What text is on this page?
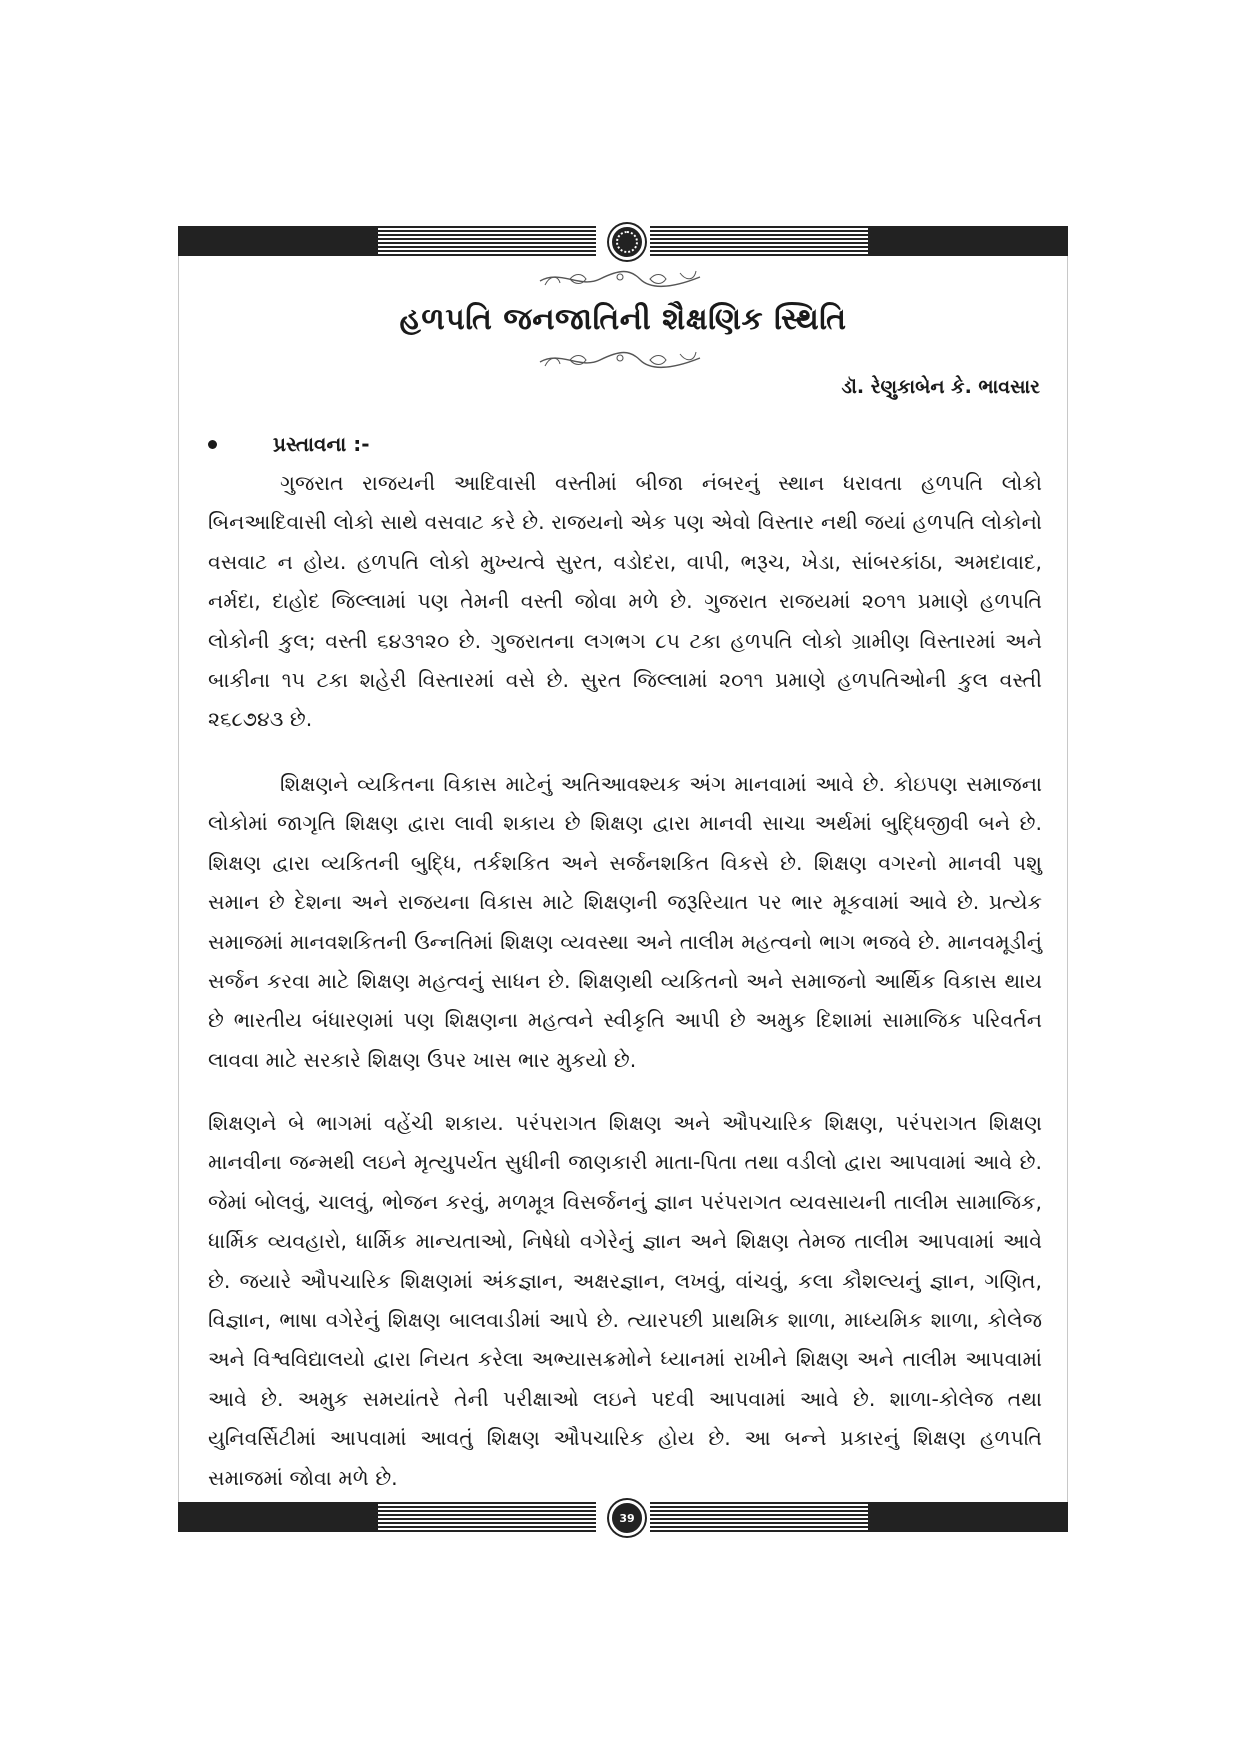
હળપતિ જનજાતિની શૈક્ષણિક સ્થિતિ
ડૉ. રેણુકાબેન કે. ભાવસાર
પ્રસ્તાવના :-

ગુજરાત રાજયની આદિવાસી વસ્તીમાં બીજા નંબરનું સ્થાન ધરાવતા હળપતિ લોકો બિનઆદિવાસી લોકો સાથે વસવાટ કરે છે. રાજયનો એક પણ એવો વિસ્તાર નથી જયાં હળપતિ લોકોનો વસવાટ ન હોય. હળપતિ લોકો મુખ્યત્વે સુરત, વડોદરા, વાપી, ભરૂચ, ખેડા, સાંબરકાંઠા, અમદાવાદ, નર્મદા, દાહોદ જિલ્લામાં પણ તેમની વસ્તી જોવા મળે છે. ગુજરાત રાજયમાં ૨૦૧૧ પ્રમાણે હળપતિ લોકોની કુલ; વસ્તી ૬૪૩૧૨૦ છે. ગુજરાતના લગભગ ૮૫ ટકા હળપતિ લોકો ગ્રામીણ વિસ્તારમાં અને બાકીના ૧૫ ટકા શહેરી વિસ્તારમાં વસે છે. સુરત જિલ્લામાં ૨૦૧૧ પ્રમાણે હળપતિઓની કુલ વસ્તી ૨૬૮૭૪૩ છે.

શિક્ષણને વ્યકિતના વિકાસ માટેનું અતિઆવશ્યક અંગ માનવામાં આવે છે. કોઇપણ સમાજના લોકોમાં જાગૃતિ શિક્ષણ દ્વારા લાવી શકાય છે શિક્ષણ દ્વારા માનવી સાચા અર્થમાં બુદ્ધિજીવી બને છે. શિક્ષણ દ્વારા વ્યકિતની બુદ્ધિ, તર્કશકિત અને સર્જનશકિત વિકસે છે. શિક્ષણ વગરનો માનવી પશુ સમાન છે દેશના અને રાજયના વિકાસ માટે શિક્ષણની જરૂરિયાત પર ભાર મૂકવામાં આવે છે. પ્રત્યેક સમાજમાં માનવશકિતની ઉન્નતિમાં શિક્ષણ વ્યવસ્થા અને તાલીમ મહત્વનો ભાગ ભજવે છે. માનવમૂડીનું સર્જન કરવા માટે શિક્ષણ મહત્વનું સાધન છે. શિક્ષણથી વ્યકિતનો અને સમાજનો આર્થિક વિકાસ થાય છે ભારતીય બંધારણમાં પણ શિક્ષણના મહત્વને સ્વીકૃતિ આપી છે અમુક દિશામાં સામાજિક પરિવર્તન લાવવા માટે સરકારે શિક્ષણ ઉપર ખાસ ભાર મુકયો છે.

શિક્ષણને બે ભાગમાં વહેંચી શકાય. પરંપરાગત શિક્ષણ અને ઔપચારિક શિક્ષણ, પરંપરાગત શિક્ષણ માનવીના જન્મથી લઇને મૃત્યુપર્યત સુધીની જાણકારી માતા-પિતા તથા વડીલો દ્વારા આપવામાં આવે છે. જેમાં બોલવું, ચાલવું, ભોજન કરવું, મળમૂત્ર વિસર્જનનું જ્ઞાન પરંપરાગત વ્યવસાયની તાલીમ સામાજિક, ધાર્મિક વ્યવહારો, ધાર્મિક માન્યતાઓ, નિષેધો વગેરેનું જ્ઞાન અને શિક્ષણ તેમજ તાલીમ આપવામાં આવે છે. જયારે ઔપચારિક શિક્ષણમાં અંકજ્ઞાન, અક્ષરજ્ઞાન, લખવું, વાંચવું, કલા કૌશલ્યનું જ્ઞાન, ગણિત, વિજ્ઞાન, ભાષા વગેરેનું શિક્ષણ બાલવાડીમાં આપે છે. ત્યારપછી પ્રાથમિક શાળા, માધ્યમિક શાળા, કોલેજ અને વિશ્વવિદ્યાલયો દ્વારા નિયત કરેલા અભ્યાસક્રમોને ધ્યાનમાં રાખીને શિક્ષણ અને તાલીમ આપવામાં આવે છે. અમુક સમયાંતરે તેની પરીક્ષાઓ લઇને પદવી આપવામાં આવે છે. શાળા-કોલેજ તથા યુનિવર્સિટીમાં આપવામાં આવતું શિક્ષણ ઔપચારિક હોય છે. આ બન્ને પ્રકારનું શિક્ષણ હળપતિ સમાજમાં જોવા મળે છે.

39
